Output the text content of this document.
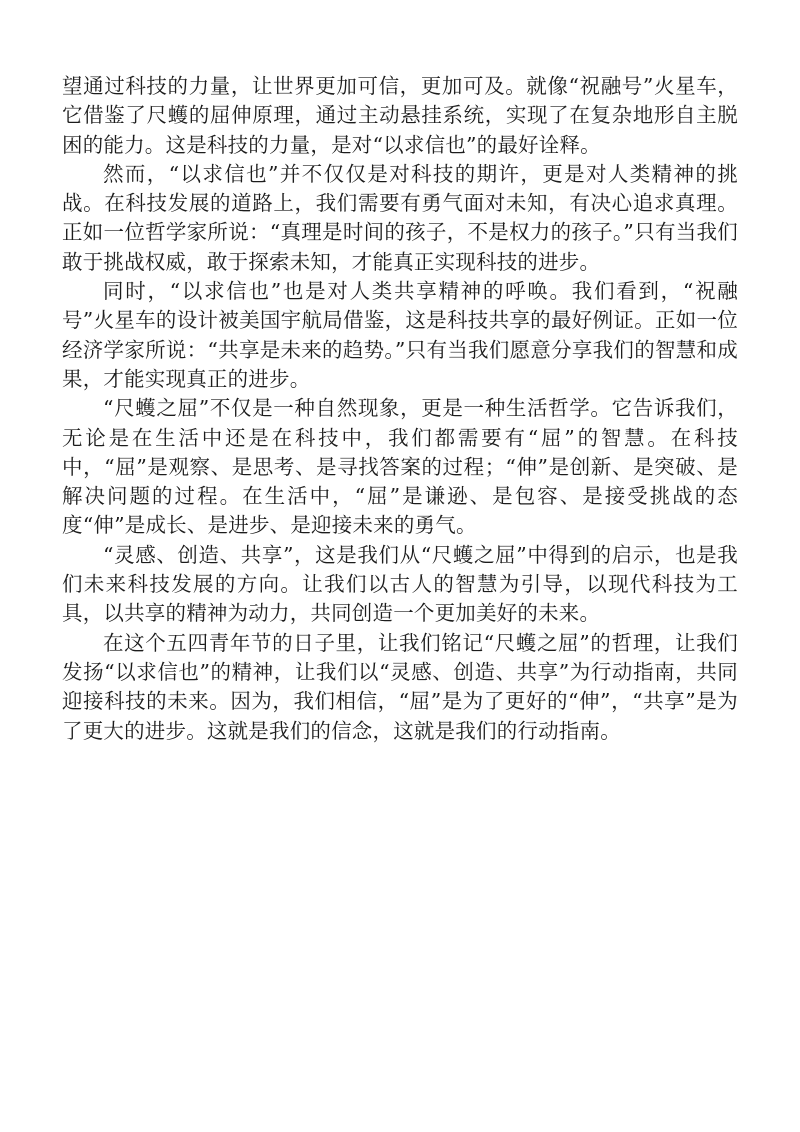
望通过科技的力量，让世界更加可信，更加可及。就像“祝融号”火星车，它借鉴了尺蠖的屈伸原理，通过主动悬挂系统，实现了在复杂地形自主脱困的能力。这是科技的力量，是对“以求信也”的最好诠释。

然而，“以求信也”并不仅仅是对科技的期许，更是对人类精神的挑战。在科技发展的道路上，我们需要有勇气面对未知，有决心追求真理。正如一位哲学家所说：“真理是时间的孩子，不是权力的孩子。”只有当我们敢于挑战权威，敢于探索未知，才能真正实现科技的进步。

同时，“以求信也”也是对人类共享精神的呼唤。我们看到，“祝融号”火星车的设计被美国宇航局借鉴，这是科技共享的最好例证。正如一位经济学家所说：“共享是未来的趋势。”只有当我们愿意分享我们的智慧和成果，才能实现真正的进步。

“尺蠖之屈”不仅是一种自然现象，更是一种生活哲学。它告诉我们，无论是在生活中还是在科技中，我们都需要有“屈”的智慧。在科技中，“屈”是观察、是思考、是寻找答案的过程；“伸”是创新、是突破、是解决问题的过程。在生活中，“屈”是谦逊、是包容、是接受挑战的态度“伸”是成长、是进步、是迎接未来的勇气。

“灵感、创造、共享”，这是我们从“尺蠖之屈”中得到的启示，也是我们未来科技发展的方向。让我们以古人的智慧为引导，以现代科技为工具，以共享的精神为动力，共同创造一个更加美好的未来。

在这个五四青年节的日子里，让我们铭记“尺蠖之屈”的哲理，让我们发扬“以求信也”的精神，让我们以“灵感、创造、共享”为行动指南，共同迎接科技的未来。因为，我们相信，“屈”是为了更好的“伸”，“共享”是为了更大的进步。这就是我们的信念，这就是我们的行动指南。
